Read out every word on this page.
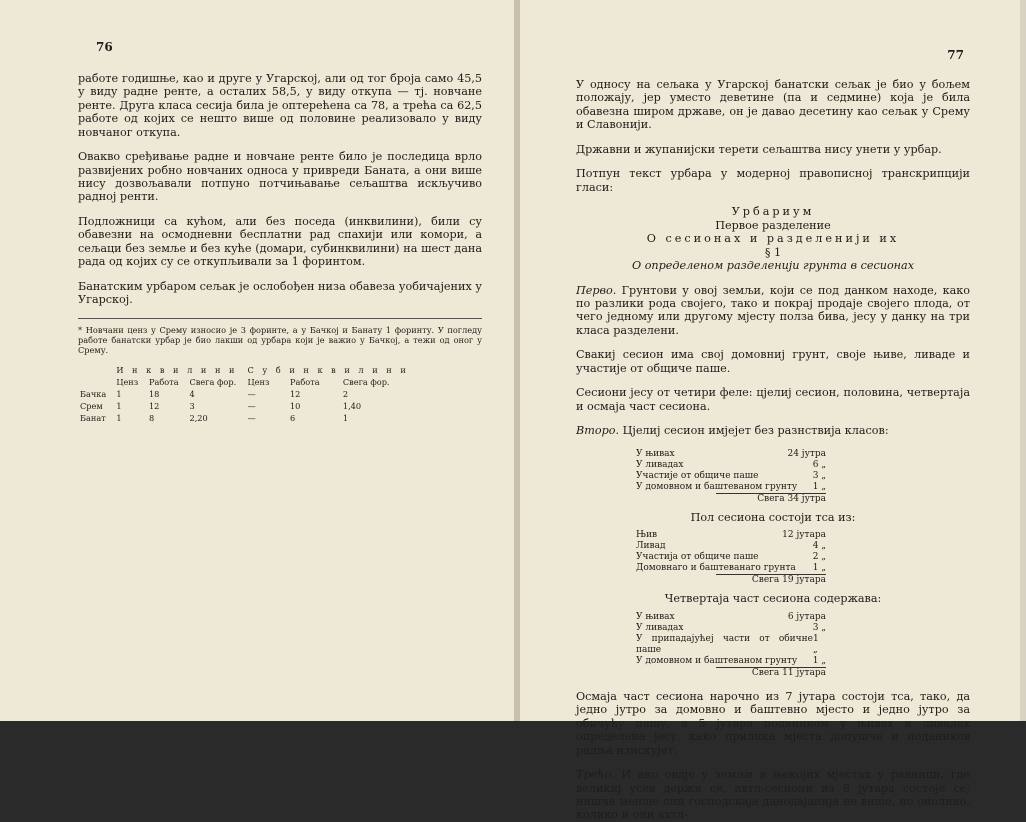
76

работе годишње, као и друге у Угарској, али од тог броја само 45,5 у виду радне ренте, а осталих 58,5, у виду откупа — тј. новчане ренте. Друга класа сесија била је оптерећена са 78, а трећа са 62,5 работе од којих се нешто више од половине реализовало у виду новчаног откупа.

Овакво сређивање радне и новчане ренте било је последица врло развијених робно новчаних односа у привреди Баната, а они више нису дозвољавали потпуно потчињавање сељаштва искључиво радној ренти.

Подложници са кућом, али без поседа (инквилини), били су обавезни на осмодневни бесплатни рад спахији или комори, а сељаци без земље и без куће (домари, субинквилини) на шест дана рада од којих су се откупљивали за 1 форинтом.

Банатским урбаром сељак је ослобођен низа обавеза уобичајених у Угарској.

* Новчани ценз у Срему износио је 3 форинте, а у Бачкој и Банату 1 форинту. У погледу работе банатски урбар је био лакши од урбара који је важио у Бачкој, а тежи од оног у Срему.
	И н к в и л и н и			С у б и н к в и л и н и		
	Ценз	Работа	Свега фор.	Ценз	Работа	Свега фор.
Бачка	1	18	4	—	12	2
Срем	1	12	3	—	10	1,40
Банат	1	8	2,20	—	6	1
77

У односу на сељака у Угарској банатски сељак је био у бољем положају, јер уместо деветине (па и седмине) која је била обавезна широм државе, он је давао десетину као сељак у Срему и Славонији.

Државни и жупанијски терети сељаштва нису унети у урбар.

Потпун текст урбара у модерној правописној транскрипцији гласи:

Урбариум
Первое разделение
О сесионах и разделенији их
§ 1
О определеном разделенији грунта в сесионах

Перво. Грунтови у овој земљи, који се под данком находе, како по разлики рода својего, тако и покрај продаје својего плода, от чего једному или другому мјесту полза бива, јесу у данку на три класа разделени.

Свакиј сесион има свој домовниј грунт, своје њиве, ливаде и участије от общиче паше.

Сесиони јесу от четири феле: цјелиј сесион, половина, четвертаја и осмаја част сесиона.

Второ. Цјелиј сесион имјејет без разнствија класов:

У њивах	24 јутра
У ливадах	6 „
Участије от общиче паше	3 „
У домовном и баштеваном грунту 1 „
Свега 34 јутра
Пол сесиона состоји тса из:
Њив	12 јутара
Ливад	4 „
Участија от общиче паше	2 „
Домовнаго и баштеванаго грунта 1 „
Свега 19 јутара
Четвертаја част сесиона содержава:
У њивах	6 јутара
У ливадах	3 „
У припадајућеј части от обичне паше
1 „
У домовном и баштеваном грунту 1 „
Свега 11 јутара

Осмаја част сесиона нарочно из 7 јутара состоји тса, тако, да једно јутро за домовно и баштевно мјесто и једно јутро за обичућу пашу, а 5 јутара подaником у њивах и ливадах определена јесу, како прилика мјеста допушча и подаников радња изискујет.

Трећо. И ако овдје у земљи в њекојих мјестах у равници, где великиј усев держи се, ахтл-сесиони из 8 јутара состоје се; нишча менше они господскаја данодајанија не више, но онолико, колико и они ахтл-
